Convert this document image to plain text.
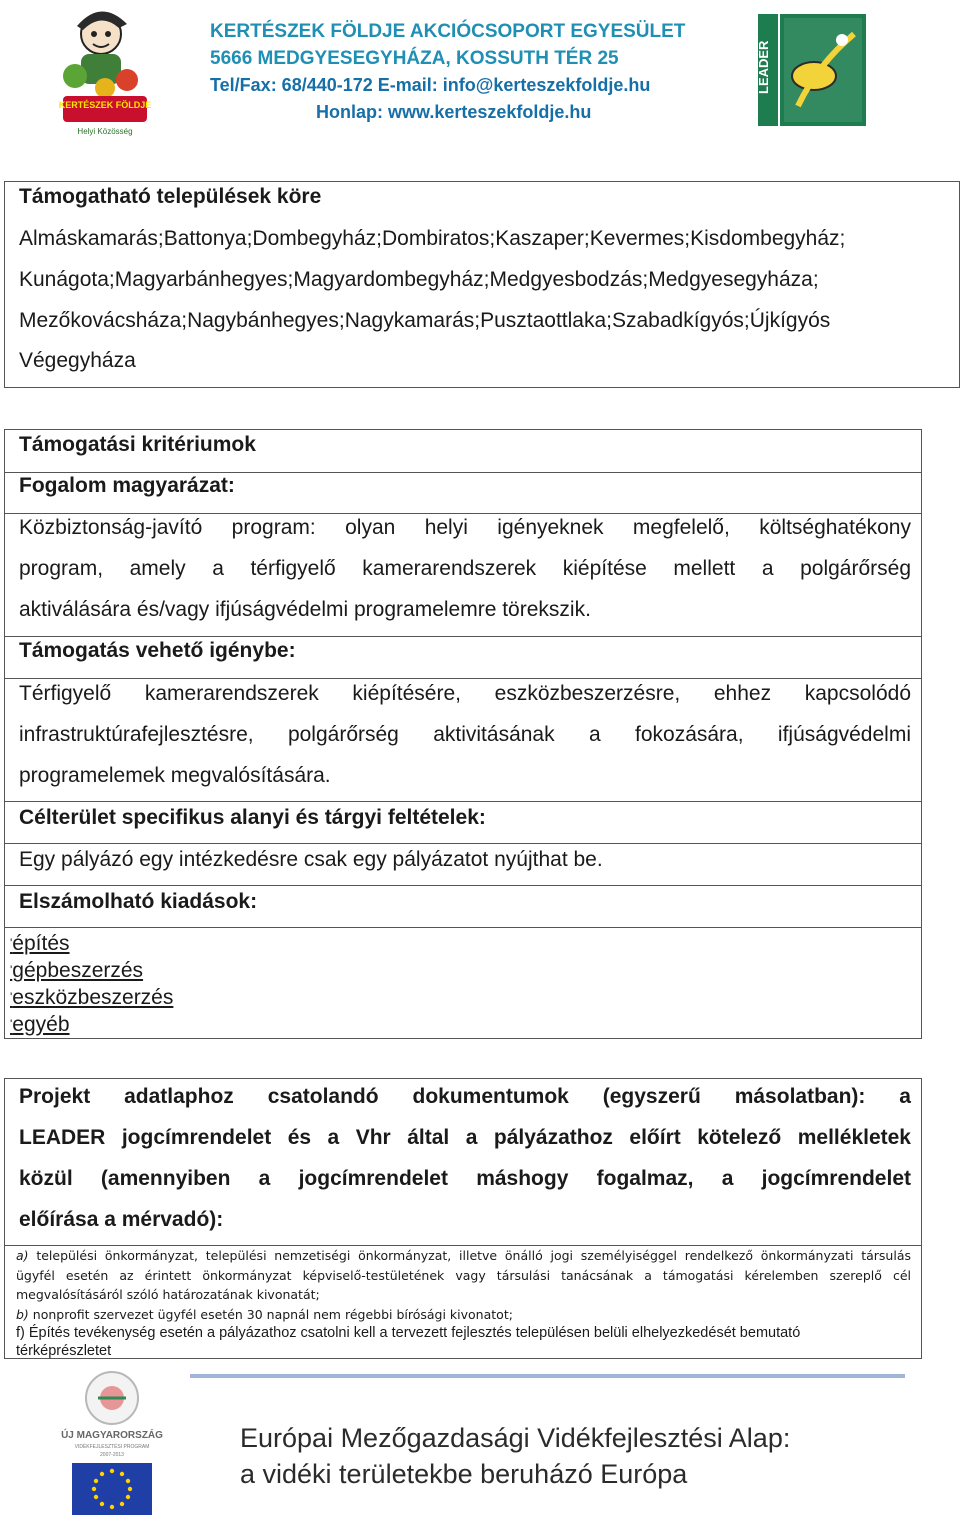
KERTÉSZEK FÖLDJE
Helyi Közösség
KERTÉSZEK FÖLDJE AKCIÓCSOPORT EGYESÜLET
5666 MEDGYESEGYHÁZA, KOSSUTH TÉR 25
Tel/Fax: 68/440-172 E-mail: info@kerteszekfoldje.hu
Honlap: www.kerteszekfoldje.hu
LEADER
Támogatható települések köre
Almáskamarás;Battonya;Dombegyház;Dombiratos;Kaszaper;Kevermes;Kisdombegyház;
Kunágota;Magyarbánhegyes;Magyardombegyház;Medgyesbodzás;Medgyesegyháza;
Mezőkovácsháza;Nagybánhegyes;Nagykamarás;Pusztaottlaka;Szabadkígyós;Újkígyós
Végegyháza
Támogatási kritériumok
Fogalom magyarázat:
Közbiztonság-javító program: olyan helyi igényeknek megfelelő, költséghatékony
program, amely a térfigyelő kamerarendszerek kiépítése mellett a polgárőrség
aktiválására és/vagy ifjúságvédelmi programelemre törekszik.
Támogatás vehető igénybe:
Térfigyelő kamerarendszerek kiépítésére, eszközbeszerzésre, ehhez kapcsolódó
infrastruktúrafejlesztésre, polgárőrség aktivitásának a fokozására, ifjúságvédelmi
programelemek megvalósítására.
Célterület specifikus alanyi és tárgyi feltételek:
Egy pályázó egy intézkedésre csak egy pályázatot nyújthat be.
Elszámolható kiadások:
'építés
'gépbeszerzés
'eszközbeszerzés
'egyéb
Projekt adatlaphoz csatolandó dokumentumok (egyszerű másolatban): a
LEADER jogcímrendelet és a Vhr által a pályázathoz előírt kötelező mellékletek
közül (amennyiben a jogcímrendelet máshogy fogalmaz, a jogcímrendelet
előírása a mérvadó):
a) települési önkormányzat, települési nemzetiségi önkormányzat, illetve önálló jogi személyiséggel rendelkező önkormányzati társulás
ügyfél esetén az érintett önkormányzat képviselő-testületének vagy társulási tanácsának a támogatási kérelemben szereplő cél
megvalósításáról szóló határozatának kivonatát;
b) nonprofit szervezet ügyfél esetén 30 napnál nem régebbi bírósági kivonatot;
f) Építés tevékenység esetén a pályázathoz csatolni kell a tervezett fejlesztés településen belüli elhelyezkedését bemutató
térképrészletet
ÚJ MAGYARORSZÁG
VIDÉKFEJLESZTÉSI PROGRAM
2007-2013
Európai Mezőgazdasági Vidékfejlesztési Alap:
a vidéki területekbe beruházó Európa
